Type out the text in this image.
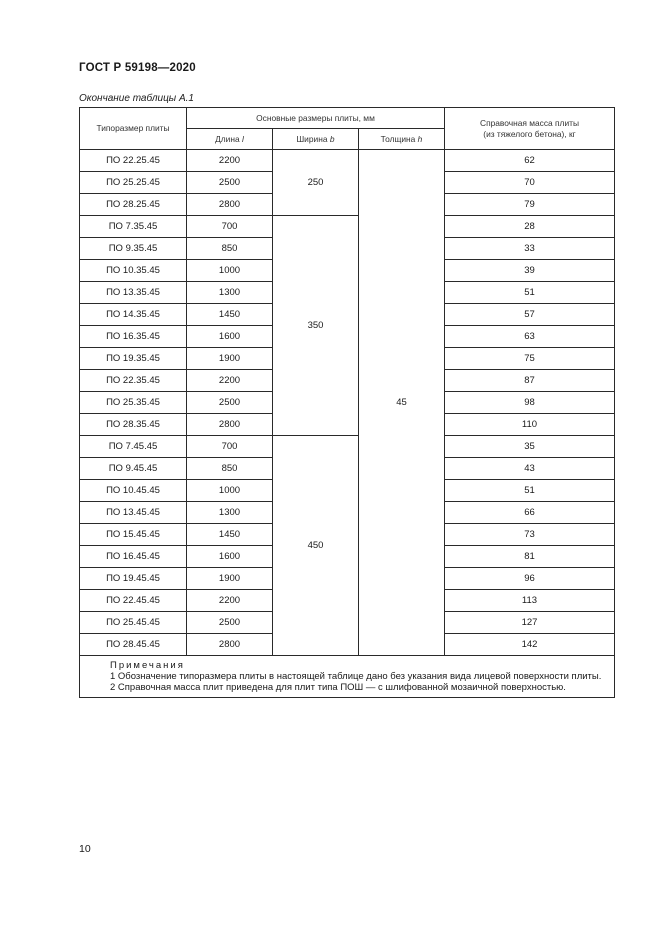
ГОСТ Р 59198—2020
Окончание таблицы А.1
Типоразмер плиты	Основные размеры плиты, мм			Справочная масса плиты
(из тяжелого бетона), кг
	Длина l	Ширина b	Толщина h	
ПО 22.25.45	2200	250	45	62
ПО 25.25.45	2500			70
ПО 28.25.45	2800			79
ПО 7.35.45	700	350		28
ПО 9.35.45	850			33
ПО 10.35.45	1000			39
ПО 13.35.45	1300			51
ПО 14.35.45	1450			57
ПО 16.35.45	1600			63
ПО 19.35.45	1900			75
ПО 22.35.45	2200			87
ПО 25.35.45	2500			98
ПО 28.35.45	2800			110
ПО 7.45.45	700	450		35
ПО 9.45.45	850			43
ПО 10.45.45	1000			51
ПО 13.45.45	1300			66
ПО 15.45.45	1450			73
ПО 16.45.45	1600			81
ПО 19.45.45	1900			96
ПО 22.45.45	2200			113
ПО 25.45.45	2500			127
ПО 28.45.45	2800			142

Примечания
1 Обозначение типоразмера плиты в настоящей таблице дано без указания вида лицевой поверхности плиты.
2 Справочная масса плит приведена для плит типа ПОШ — с шлифованной мозаичной поверхностью.				
10
